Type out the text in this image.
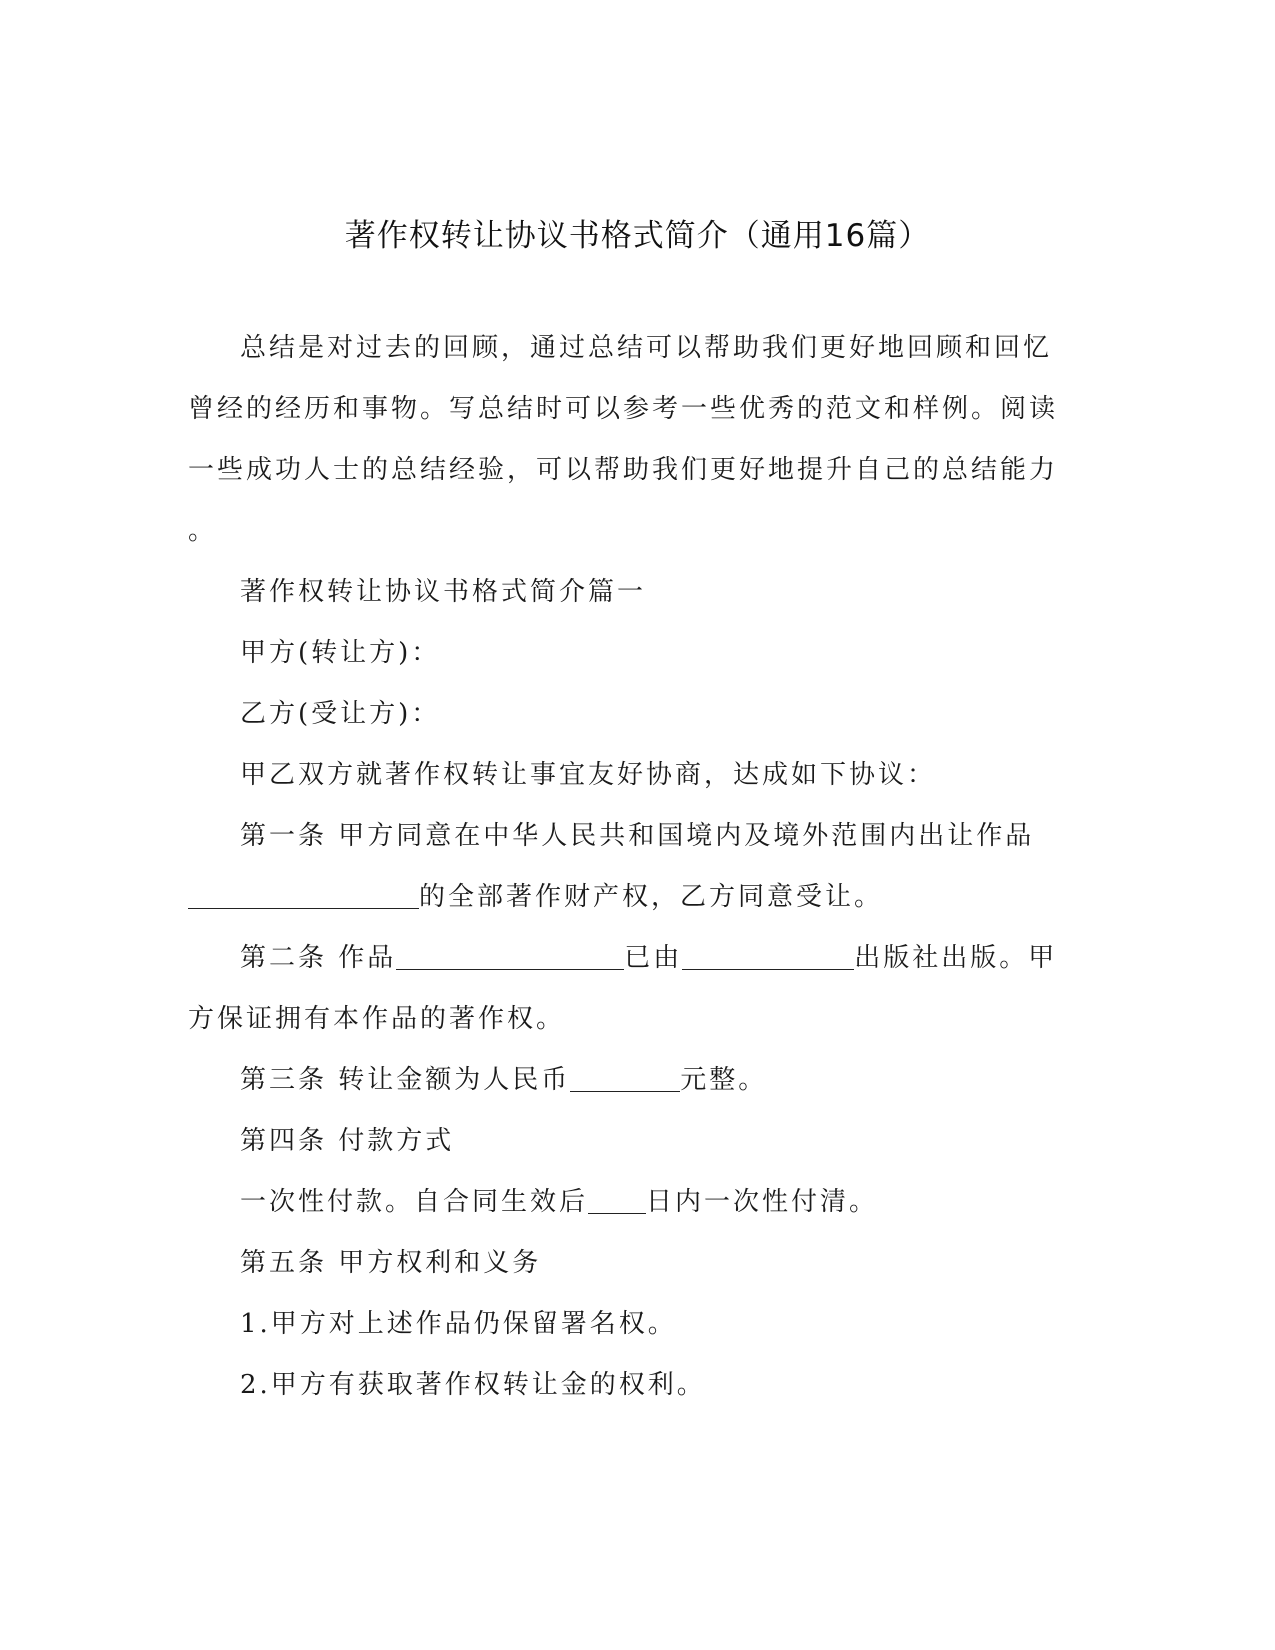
著作权转让协议书格式简介（通用16篇）

总结是对过去的回顾，通过总结可以帮助我们更好地回顾和回忆

曾经的经历和事物。写总结时可以参考一些优秀的范文和样例。阅读

一些成功人士的总结经验，可以帮助我们更好地提升自己的总结能力

。

著作权转让协议书格式简介篇一

甲方(转让方)：

乙方(受让方)：

甲乙双方就著作权转让事宜友好协商，达成如下协议：

第一条 甲方同意在中华人民共和国境内及境外范围内出让作品

的全部著作财产权，乙方同意受让。

第二条 作品	已由	出版社出版。甲

方保证拥有本作品的著作权。

第三条 转让金额为人民币	元整。

第四条 付款方式

一次性付款。自合同生效后 日内一次性付清。

第五条 甲方权利和义务

1.甲方对上述作品仍保留署名权。

2.甲方有获取著作权转让金的权利。
